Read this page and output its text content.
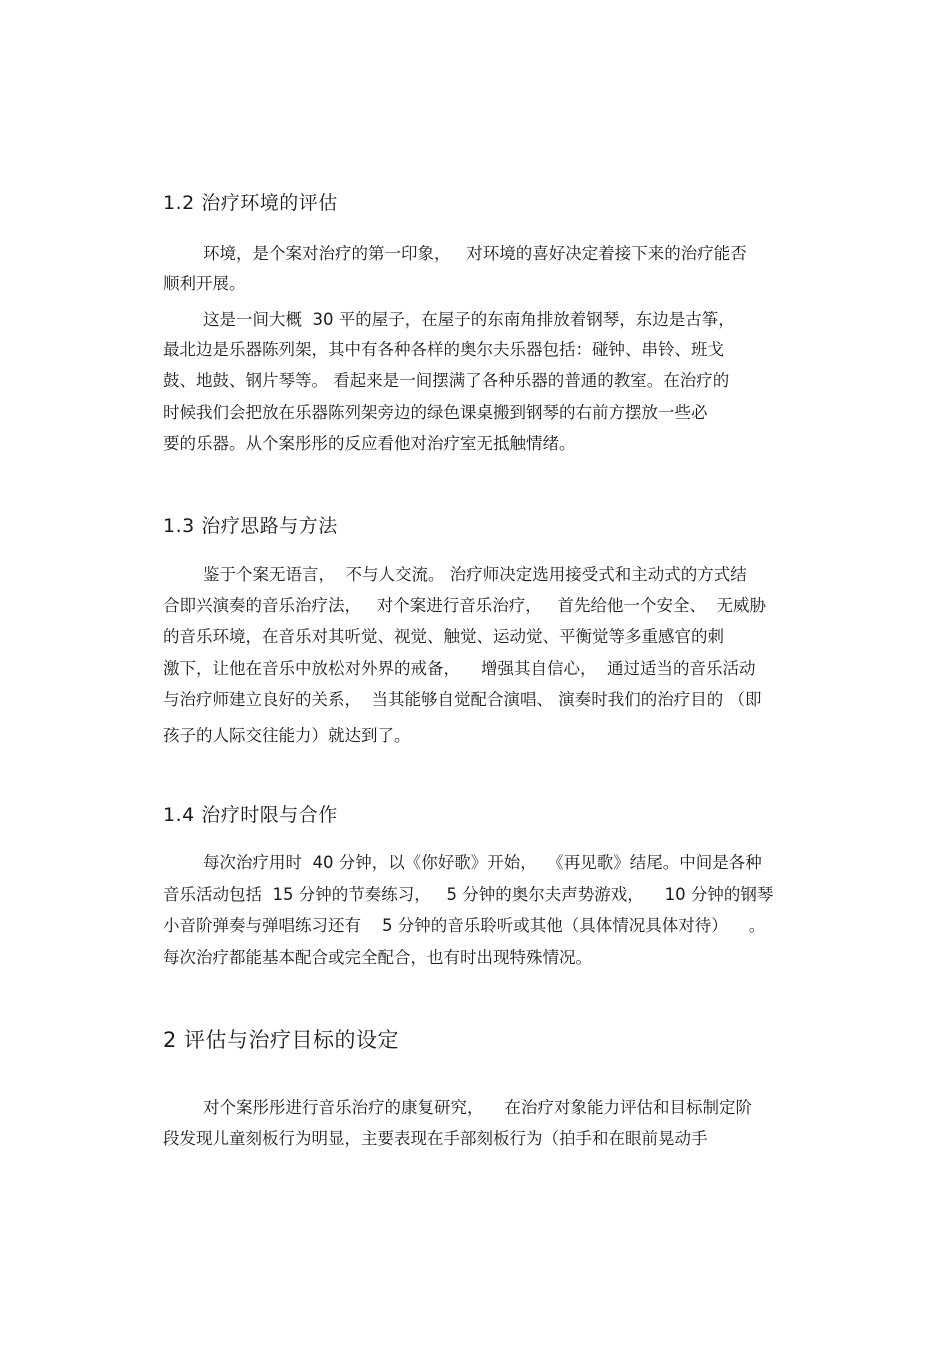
1.2 治疗环境的评估
环境，是个案对治疗的第一印象，   对环境的喜好决定着接下来的治疗能否
顺利开展。
这是一间大概  30 平的屋子，在屋子的东南角排放着钢琴，东边是古筝，
最北边是乐器陈列架，其中有各种各样的奥尔夫乐器包括：碰钟、串铃、班戈
鼓、地鼓、钢片琴等。 看起来是一间摆满了各种乐器的普通的教室。在治疗的
时候我们会把放在乐器陈列架旁边的绿色课桌搬到钢琴的右前方摆放一些必
要的乐器。从个案彤彤的反应看他对治疗室无抵触情绪。
1.3 治疗思路与方法
鉴于个案无语言，  不与人交流。 治疗师决定选用接受式和主动式的方式结
合即兴演奏的音乐治疗法，   对个案进行音乐治疗，   首先给他一个安全、  无威胁
的音乐环境，在音乐对其听觉、视觉、触觉、运动觉、平衡觉等多重感官的刺
激下，让他在音乐中放松对外界的戒备，    增强其自信心，  通过适当的音乐活动
与治疗师建立良好的关系，  当其能够自觉配合演唱、 演奏时我们的治疗目的 （即
孩子的人际交往能力）就达到了。
1.4 治疗时限与合作
每次治疗用时  40 分钟，以《你好歌》开始，  《再见歌》结尾。中间是各种
音乐活动包括  15 分钟的节奏练习，   5 分钟的奥尔夫声势游戏，    10 分钟的钢琴
小音阶弹奏与弹唱练习还有    5 分钟的音乐聆听或其他（具体情况具体对待）    。
每次治疗都能基本配合或完全配合，也有时出现特殊情况。
2 评估与治疗目标的设定
对个案彤彤进行音乐治疗的康复研究，    在治疗对象能力评估和目标制定阶
段发现儿童刻板行为明显，主要表现在手部刻板行为（拍手和在眼前晃动手
